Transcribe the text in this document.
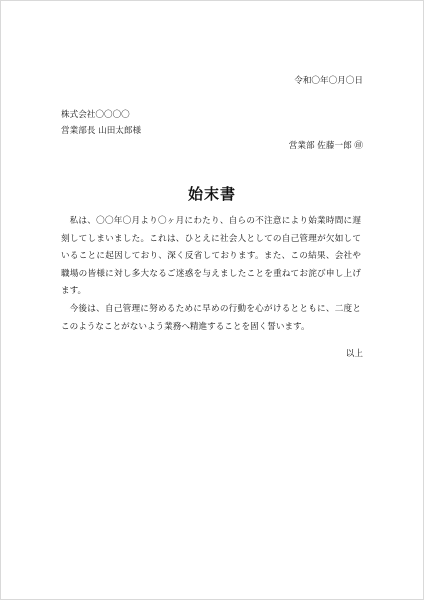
令和〇年〇月〇日
株式会社〇〇〇〇
営業部長 山田太郎様
営業部 佐藤一郎 ㊞
始末書

私は、〇〇年〇月より〇ヶ月にわたり、自らの不注意により始業時間に遅刻してしまいました。これは、ひとえに社会人としての自己管理が欠如していることに起因しており、深く反省しております。また、この結果、会社や職場の皆様に対し多大なるご迷惑を与えましたことを重ねてお詫び申し上げます。

今後は、自己管理に努めるために早めの行動を心がけるとともに、二度とこのようなことがないよう業務へ精進することを固く誓います。

以上
